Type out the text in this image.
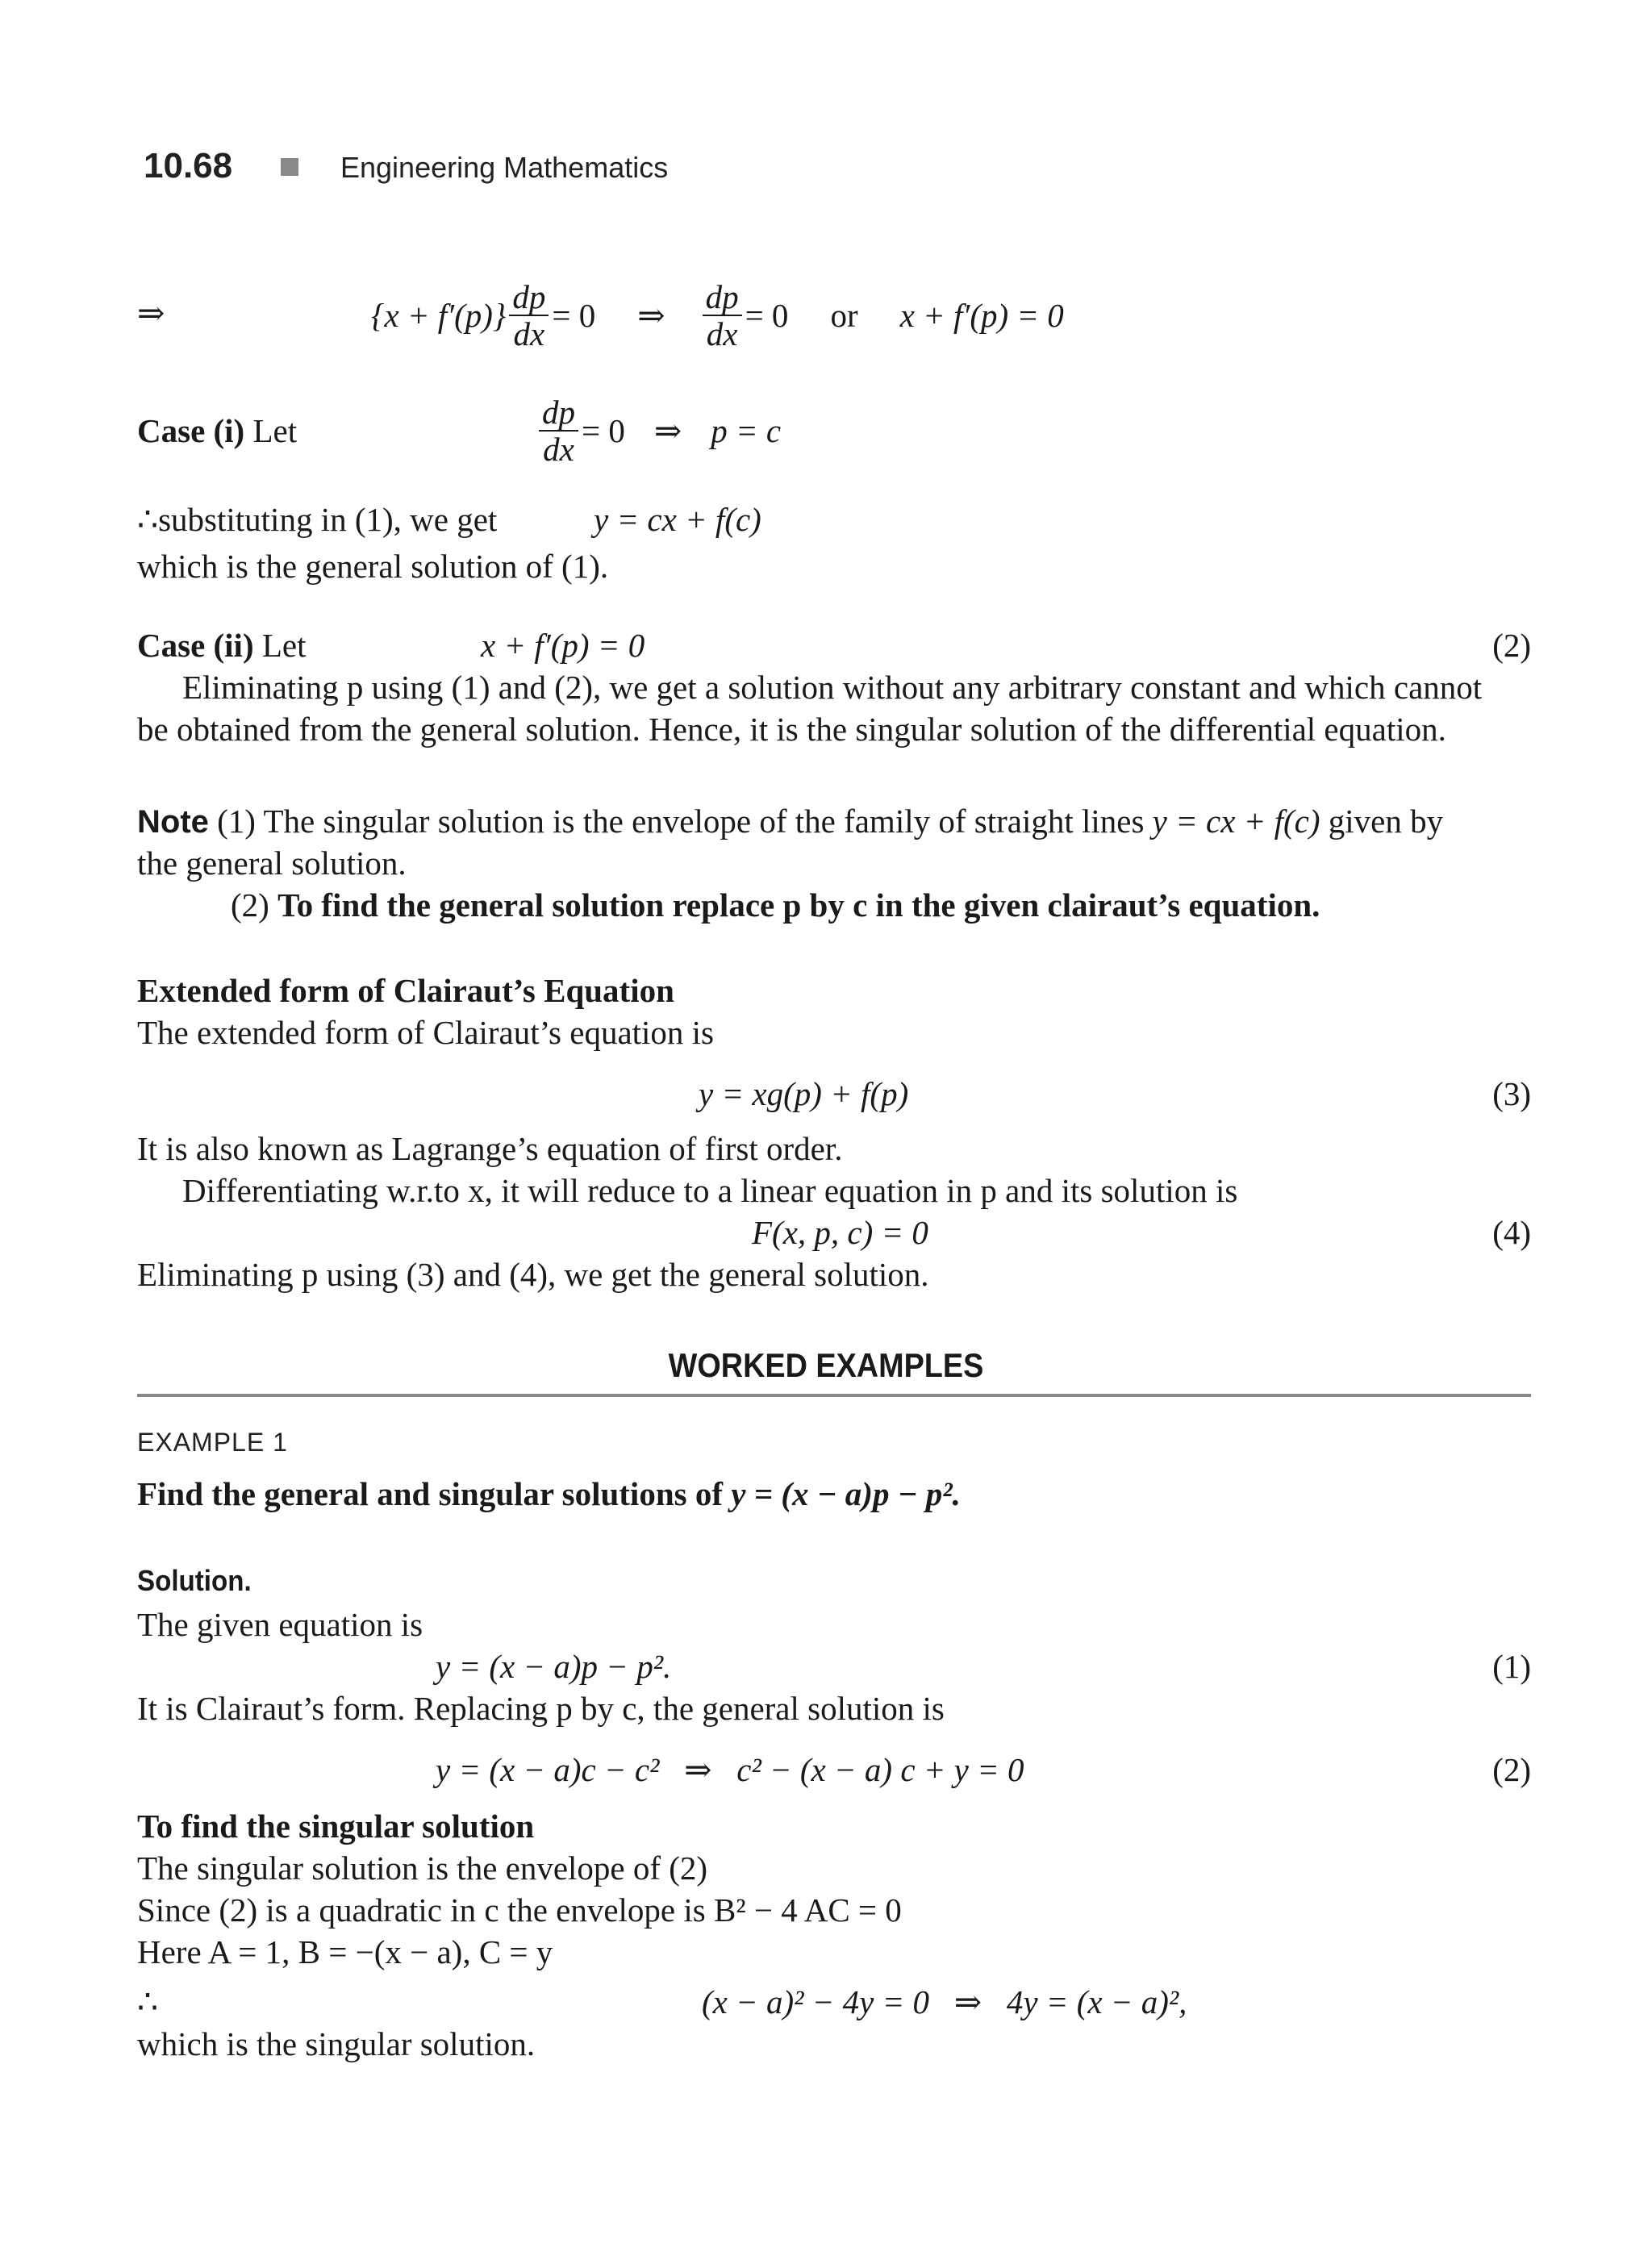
10.68	Engineering Mathematics
⇒	$\{x + f'(p)\} \frac{dp}{dx} = 0$ ⇒ $\frac{dp}{dx} = 0$ or x + f′(p) = 0
Case (i) Let	$\frac{dp}{dx} = 0$ ⇒ p = c
∴substituting in (1), we get	y = cx + f(c)
which is the general solution of (1).
Case (ii) Let	x + f′(p) = 0	(2)
Eliminating p using (1) and (2), we get a solution without any arbitrary constant and which cannot
be obtained from the general solution. Hence, it is the singular solution of the differential equation.
Note (1) The singular solution is the envelope of the family of straight lines y = cx + f(c) given by
the general solution.
(2) To find the general solution replace p by c in the given clairaut’s equation.
Extended form of Clairaut’s Equation
The extended form of Clairaut’s equation is
y = xg(p) + f(p)	(3)
It is also known as Lagrange’s equation of first order.
Differentiating w.r.to x, it will reduce to a linear equation in p and its solution is
F(x, p, c) = 0	(4)
Eliminating p using (3) and (4), we get the general solution.
WORKED EXAMPLES
EXAMPLE 1
Find the general and singular solutions of y = (x − a)p − p².
Solution.
The given equation is
y = (x − a)p − p².	(1)
It is Clairaut’s form. Replacing p by c, the general solution is
y = (x − a)c − c²   ⇒   c² − (x − a) c + y = 0	(2)
To find the singular solution
The singular solution is the envelope of (2)
Since (2) is a quadratic in c the envelope is B² − 4 AC = 0
Here A = 1, B = −(x − a), C = y
∴	(x − a)² − 4y = 0   ⇒   4y = (x − a)²,
which is the singular solution.
